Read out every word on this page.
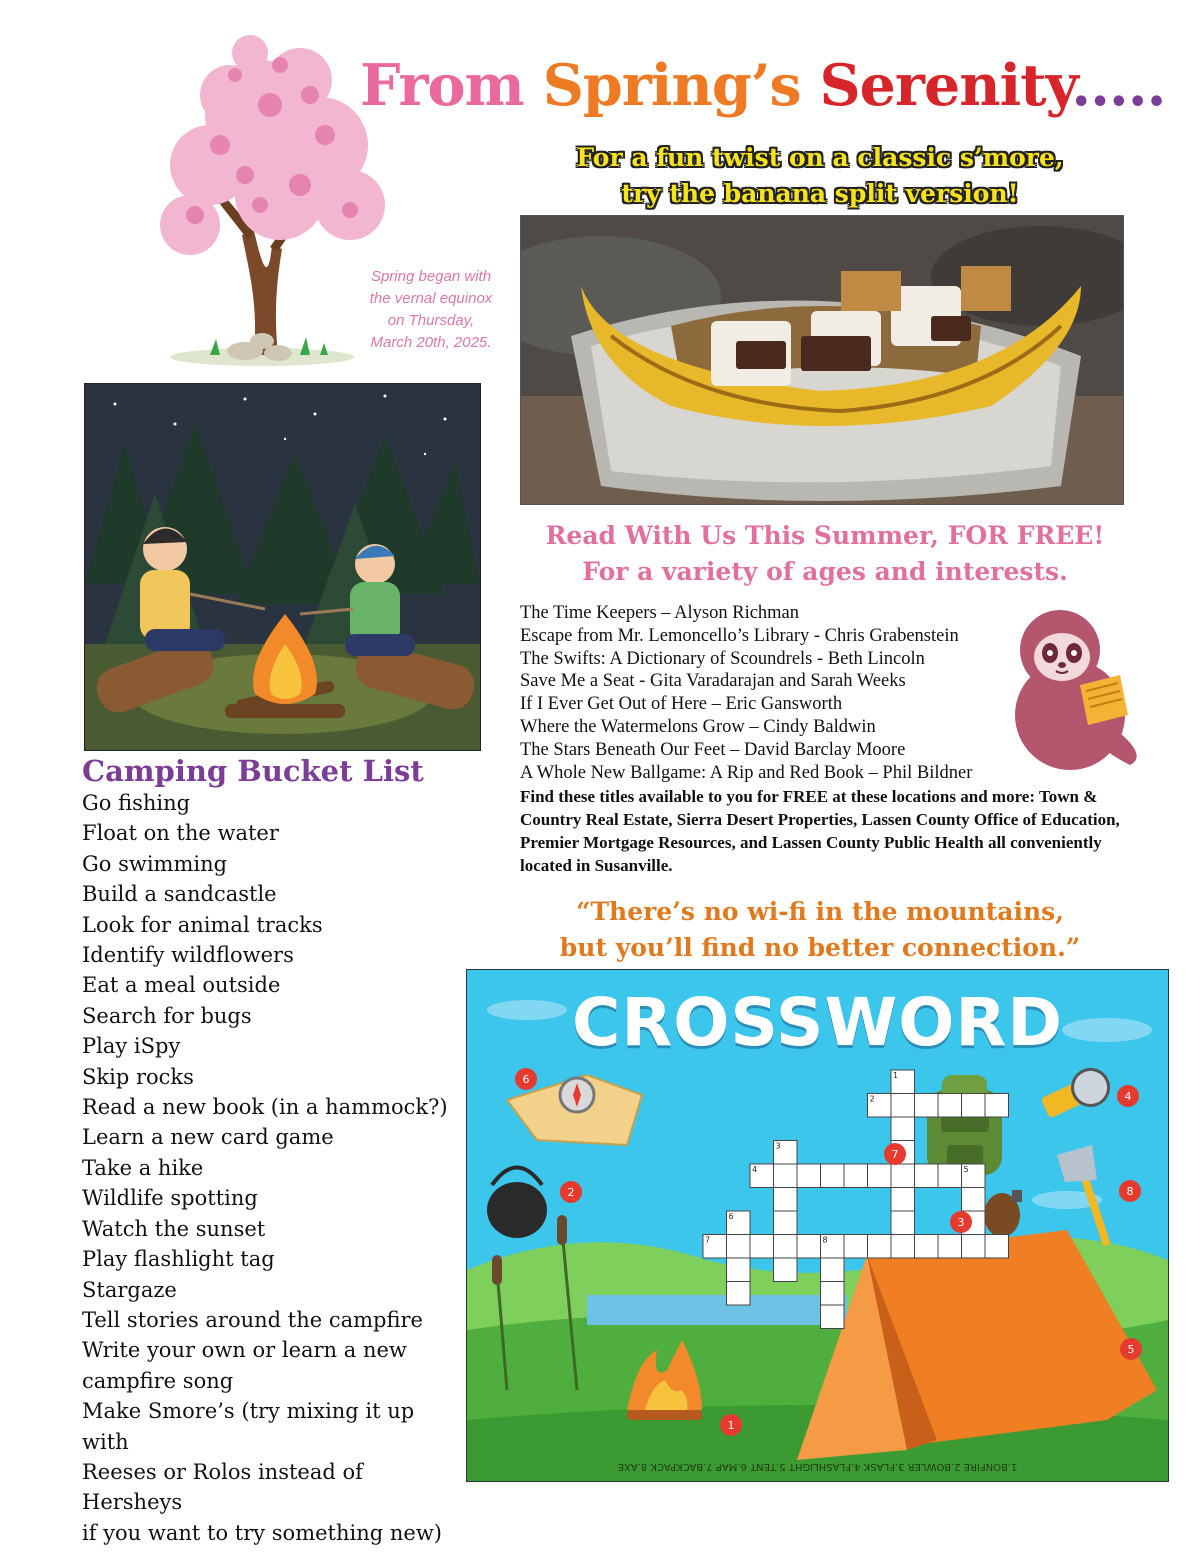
From Spring’s Serenity.....
Spring began with
the vernal equinox
on Thursday,
March 20th, 2025.
For a fun twist on a classic s’more,
try the banana split version!
Camping Bucket List
Go fishing
Float on the water
Go swimming
Build a sandcastle
Look for animal tracks
Identify wildflowers
Eat a meal outside
Search for bugs
Play iSpy
Skip rocks
Read a new book (in a hammock?)
Learn a new card game
Take a hike
Wildlife spotting
Watch the sunset
Play flashlight tag
Stargaze
Tell stories around the campfire
Write your own or learn a new
campfire song
Make Smore’s (try mixing it up with
Reeses or Rolos instead of Hersheys
if you want to try something new)
Read With Us This Summer, FOR FREE!
For a variety of ages and interests.
The Time Keepers – Alyson Richman
Escape from Mr. Lemoncello’s Library - Chris Grabenstein
The Swifts: A Dictionary of Scoundrels - Beth Lincoln
Save Me a Seat - Gita Varadarajan and Sarah Weeks
If I Ever Get Out of Here – Eric Gansworth
Where the Watermelons Grow – Cindy Baldwin
The Stars Beneath Our Feet – David Barclay Moore
A Whole New Ballgame: A Rip and Red Book – Phil Bildner
Find these titles available to you for FREE at these locations and more: Town & Country Real Estate, Sierra Desert Properties, Lassen County Office of Education, Premier Mortgage Resources, and Lassen County Public Health all conveniently located in Susanville.
“There’s no wi-fi in the mountains,
but you’ll find no better connection.”
CROSSWORD
1
2
3
4	5
6
7	8
1
2
3
4
5
6
7
8
1.BONFIRE 2.BOWLER 3.FLASK 4.FLASHLIGHT 5.TENT 6.MAP 7.BACKPACK 8.AXE
